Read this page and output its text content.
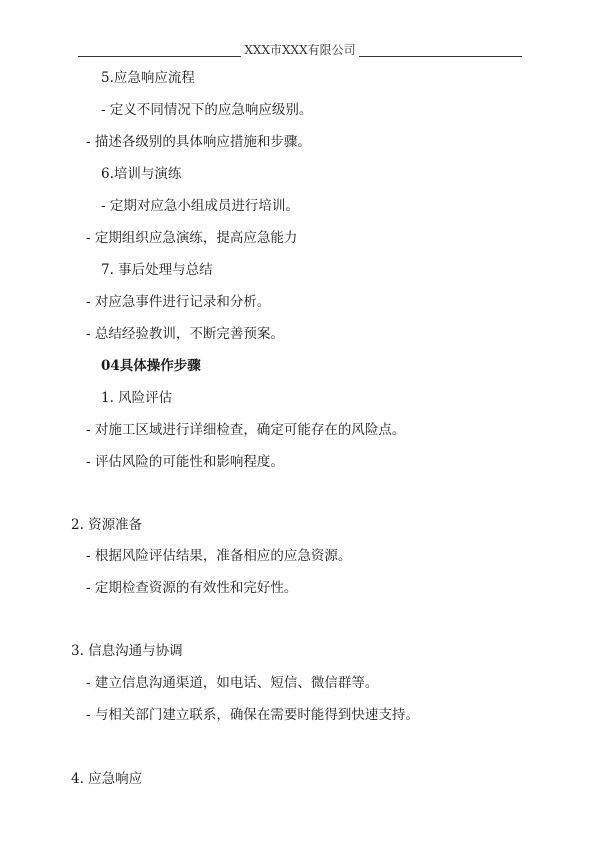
XXX市XXX有限公司
5.应急响应流程
- 定义不同情况下的应急响应级别。
- 描述各级别的具体响应措施和步骤。
6.培训与演练
- 定期对应急小组成员进行培训。
- 定期组织应急演练，提高应急能力
7. 事后处理与总结
- 对应急事件进行记录和分析。
- 总结经验教训，不断完善预案。
04具体操作步骤
1. 风险评估
- 对施工区域进行详细检查，确定可能存在的风险点。
- 评估风险的可能性和影响程度。
2. 资源准备
- 根据风险评估结果，准备相应的应急资源。
- 定期检查资源的有效性和完好性。
3. 信息沟通与协调
- 建立信息沟通渠道，如电话、短信、微信群等。
- 与相关部门建立联系，确保在需要时能得到快速支持。
4. 应急响应
